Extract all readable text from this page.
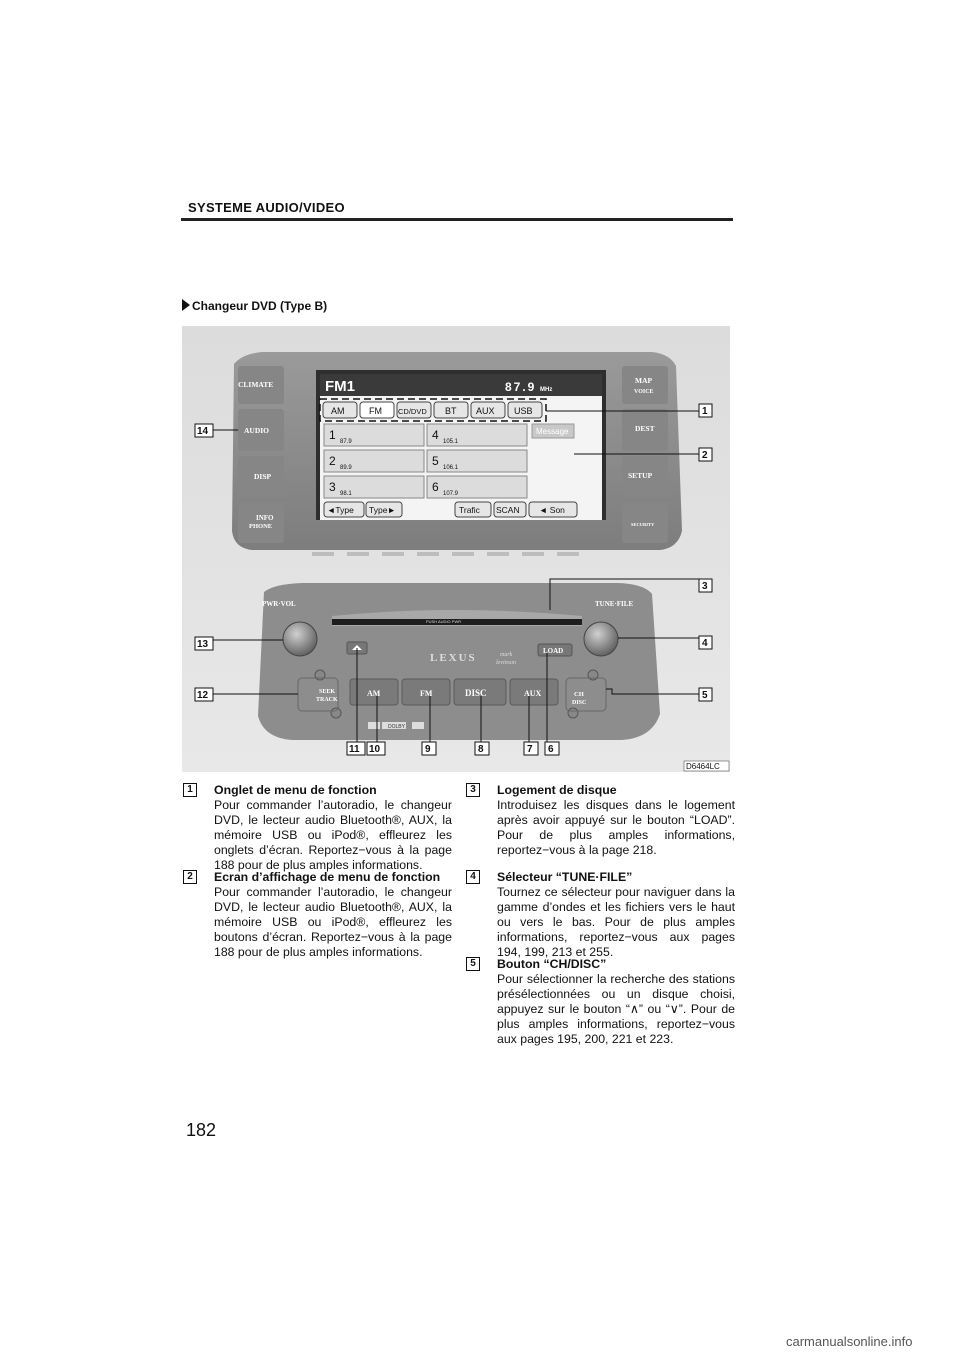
SYSTEME AUDIO/VIDEO
Changeur DVD (Type B)
CLIMATE
AUDIO
DISP
INFO
PHONE
MAP
VOICE
DEST
SETUP
SECURITY
FM1	87.9 MHz
AM	FM CD/DVD BT AUX USB
1 87.9
2 89.9
3 98.1
4 105.1
5 106.1
6 107.9
Message
◄Type Type►	Trafic SCAN ◄ Son
PWR·VOL	TUNE·FILE
PUSH AUDIO PWR
LEXUS	mark
levinson
LOAD
SEEK
TRACK
CH
DISC
AM	FM	DISC	AUX
DOLBY
1
2
3
4
5
6
7
8
9
10
11
12
13
14
D6464LC
1	Onglet de menu de fonction
Pour commander l’autoradio, le changeur DVD, le lecteur audio Bluetooth®, AUX, la mémoire USB ou iPod®, effleurez les onglets d’écran. Reportez−vous à la page 188 pour de plus amples informations.
2	Ecran d’affichage de menu de fonction
Pour commander l’autoradio, le changeur DVD, le lecteur audio Bluetooth®, AUX, la mémoire USB ou iPod®, effleurez les boutons d’écran. Reportez−vous à la page 188 pour de plus amples informations.
3	Logement de disque
Introduisez les disques dans le logement après avoir appuyé sur le bouton “LOAD”. Pour de plus amples informations, reportez−vous à la page 218.
4	Sélecteur “TUNE·FILE”
Tournez ce sélecteur pour naviguer dans la gamme d’ondes et les fichiers vers le haut ou vers le bas. Pour de plus amples informations, reportez−vous aux pages 194, 199, 213 et 255.
5	Bouton “CH/DISC”
Pour sélectionner la recherche des stations présélectionnées ou un disque choisi, appuyez sur le bouton “∧” ou “∨”. Pour de plus amples informations, reportez−vous aux pages 195, 200, 221 et 223.
182
carmanualsonline.info
